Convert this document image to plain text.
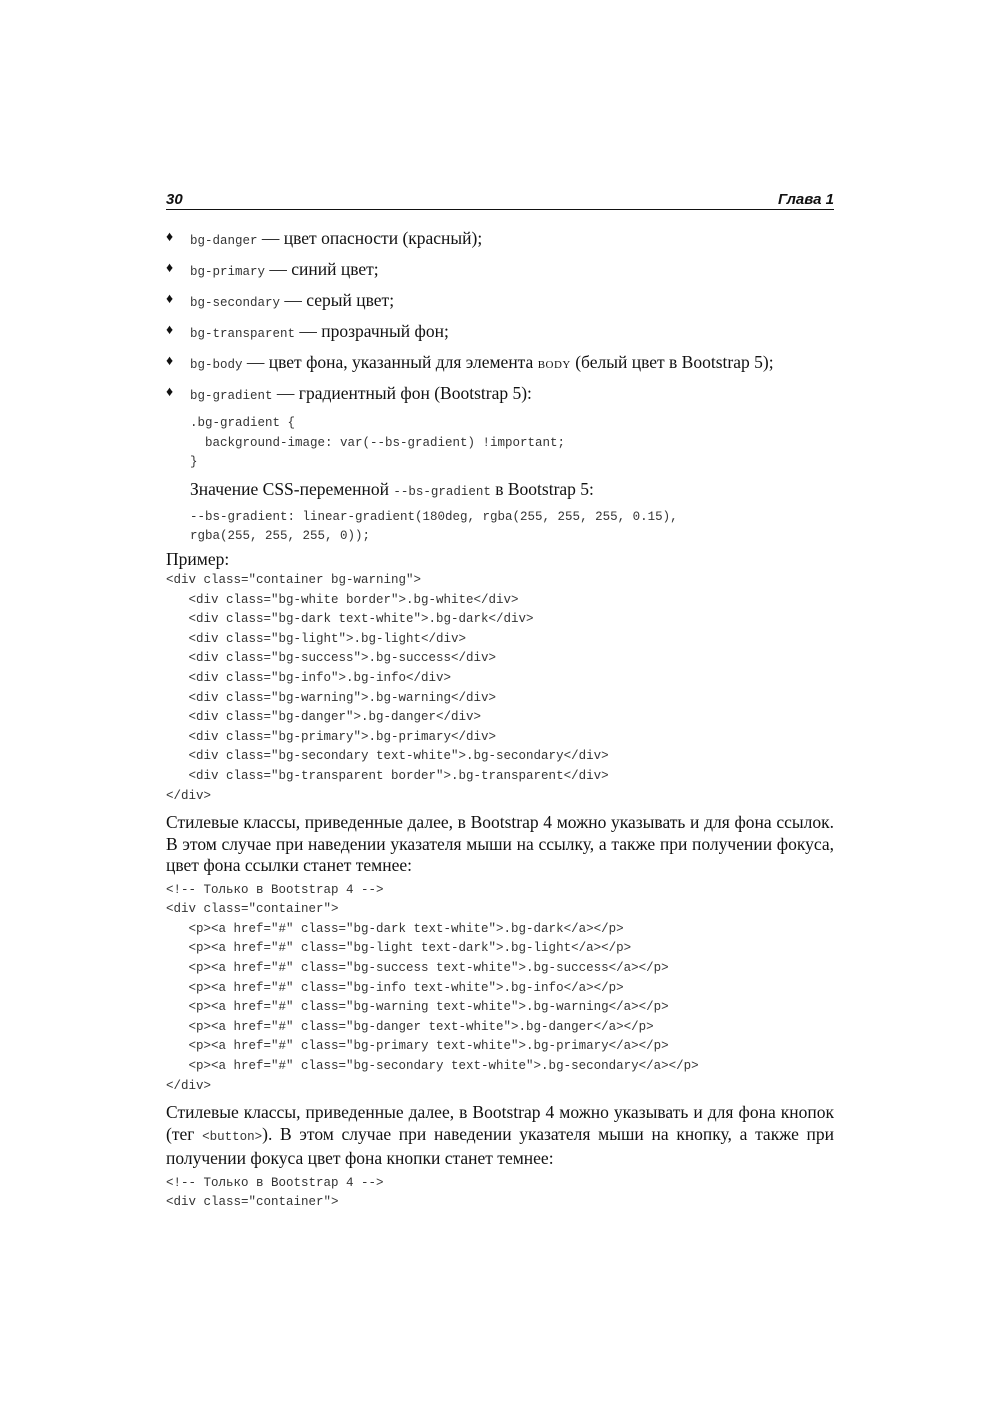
30	Глава 1
♦ bg-danger — цвет опасности (красный);
♦ bg-primary — синий цвет;
♦ bg-secondary — серый цвет;
♦ bg-transparent — прозрачный фон;
♦ bg-body — цвет фона, указанный для элемента BODY (белый цвет в Bootstrap 5);
♦ bg-gradient — градиентный фон (Bootstrap 5):
.bg-gradient {
background-image: var(--bs-gradient) !important;
}

Значение CSS-переменной --bs-gradient в Bootstrap 5:

--bs-gradient: linear-gradient(180deg, rgba(255, 255, 255, 0.15),
rgba(255, 255, 255, 0));

Пример:

<div class="container bg-warning">
<div class="bg-white border">.bg-white</div>
<div class="bg-dark text-white">.bg-dark</div>
<div class="bg-light">.bg-light</div>
<div class="bg-success">.bg-success</div>
<div class="bg-info">.bg-info</div>
<div class="bg-warning">.bg-warning</div>
<div class="bg-danger">.bg-danger</div>
<div class="bg-primary">.bg-primary</div>
<div class="bg-secondary text-white">.bg-secondary</div>
<div class="bg-transparent border">.bg-transparent</div>
</div>

Стилевые классы, приведенные далее, в Bootstrap 4 можно указывать и для фона ссылок. В этом случае при наведении указателя мыши на ссылку, а также при получении фокуса, цвет фона ссылки станет темнее:

<!-- Только в Bootstrap 4 -->
<div class="container">
<p><a href="#" class="bg-dark text-white">.bg-dark</a></p>
<p><a href="#" class="bg-light text-dark">.bg-light</a></p>
<p><a href="#" class="bg-success text-white">.bg-success</a></p>
<p><a href="#" class="bg-info text-white">.bg-info</a></p>
<p><a href="#" class="bg-warning text-white">.bg-warning</a></p>
<p><a href="#" class="bg-danger text-white">.bg-danger</a></p>
<p><a href="#" class="bg-primary text-white">.bg-primary</a></p>
<p><a href="#" class="bg-secondary text-white">.bg-secondary</a></p>
</div>

Стилевые классы, приведенные далее, в Bootstrap 4 можно указывать и для фона кнопок (тег <button>). В этом случае при наведении указателя мыши на кнопку, а также при получении фокуса цвет фона кнопки станет темнее:

<!-- Только в Bootstrap 4 -->
<div class="container">
